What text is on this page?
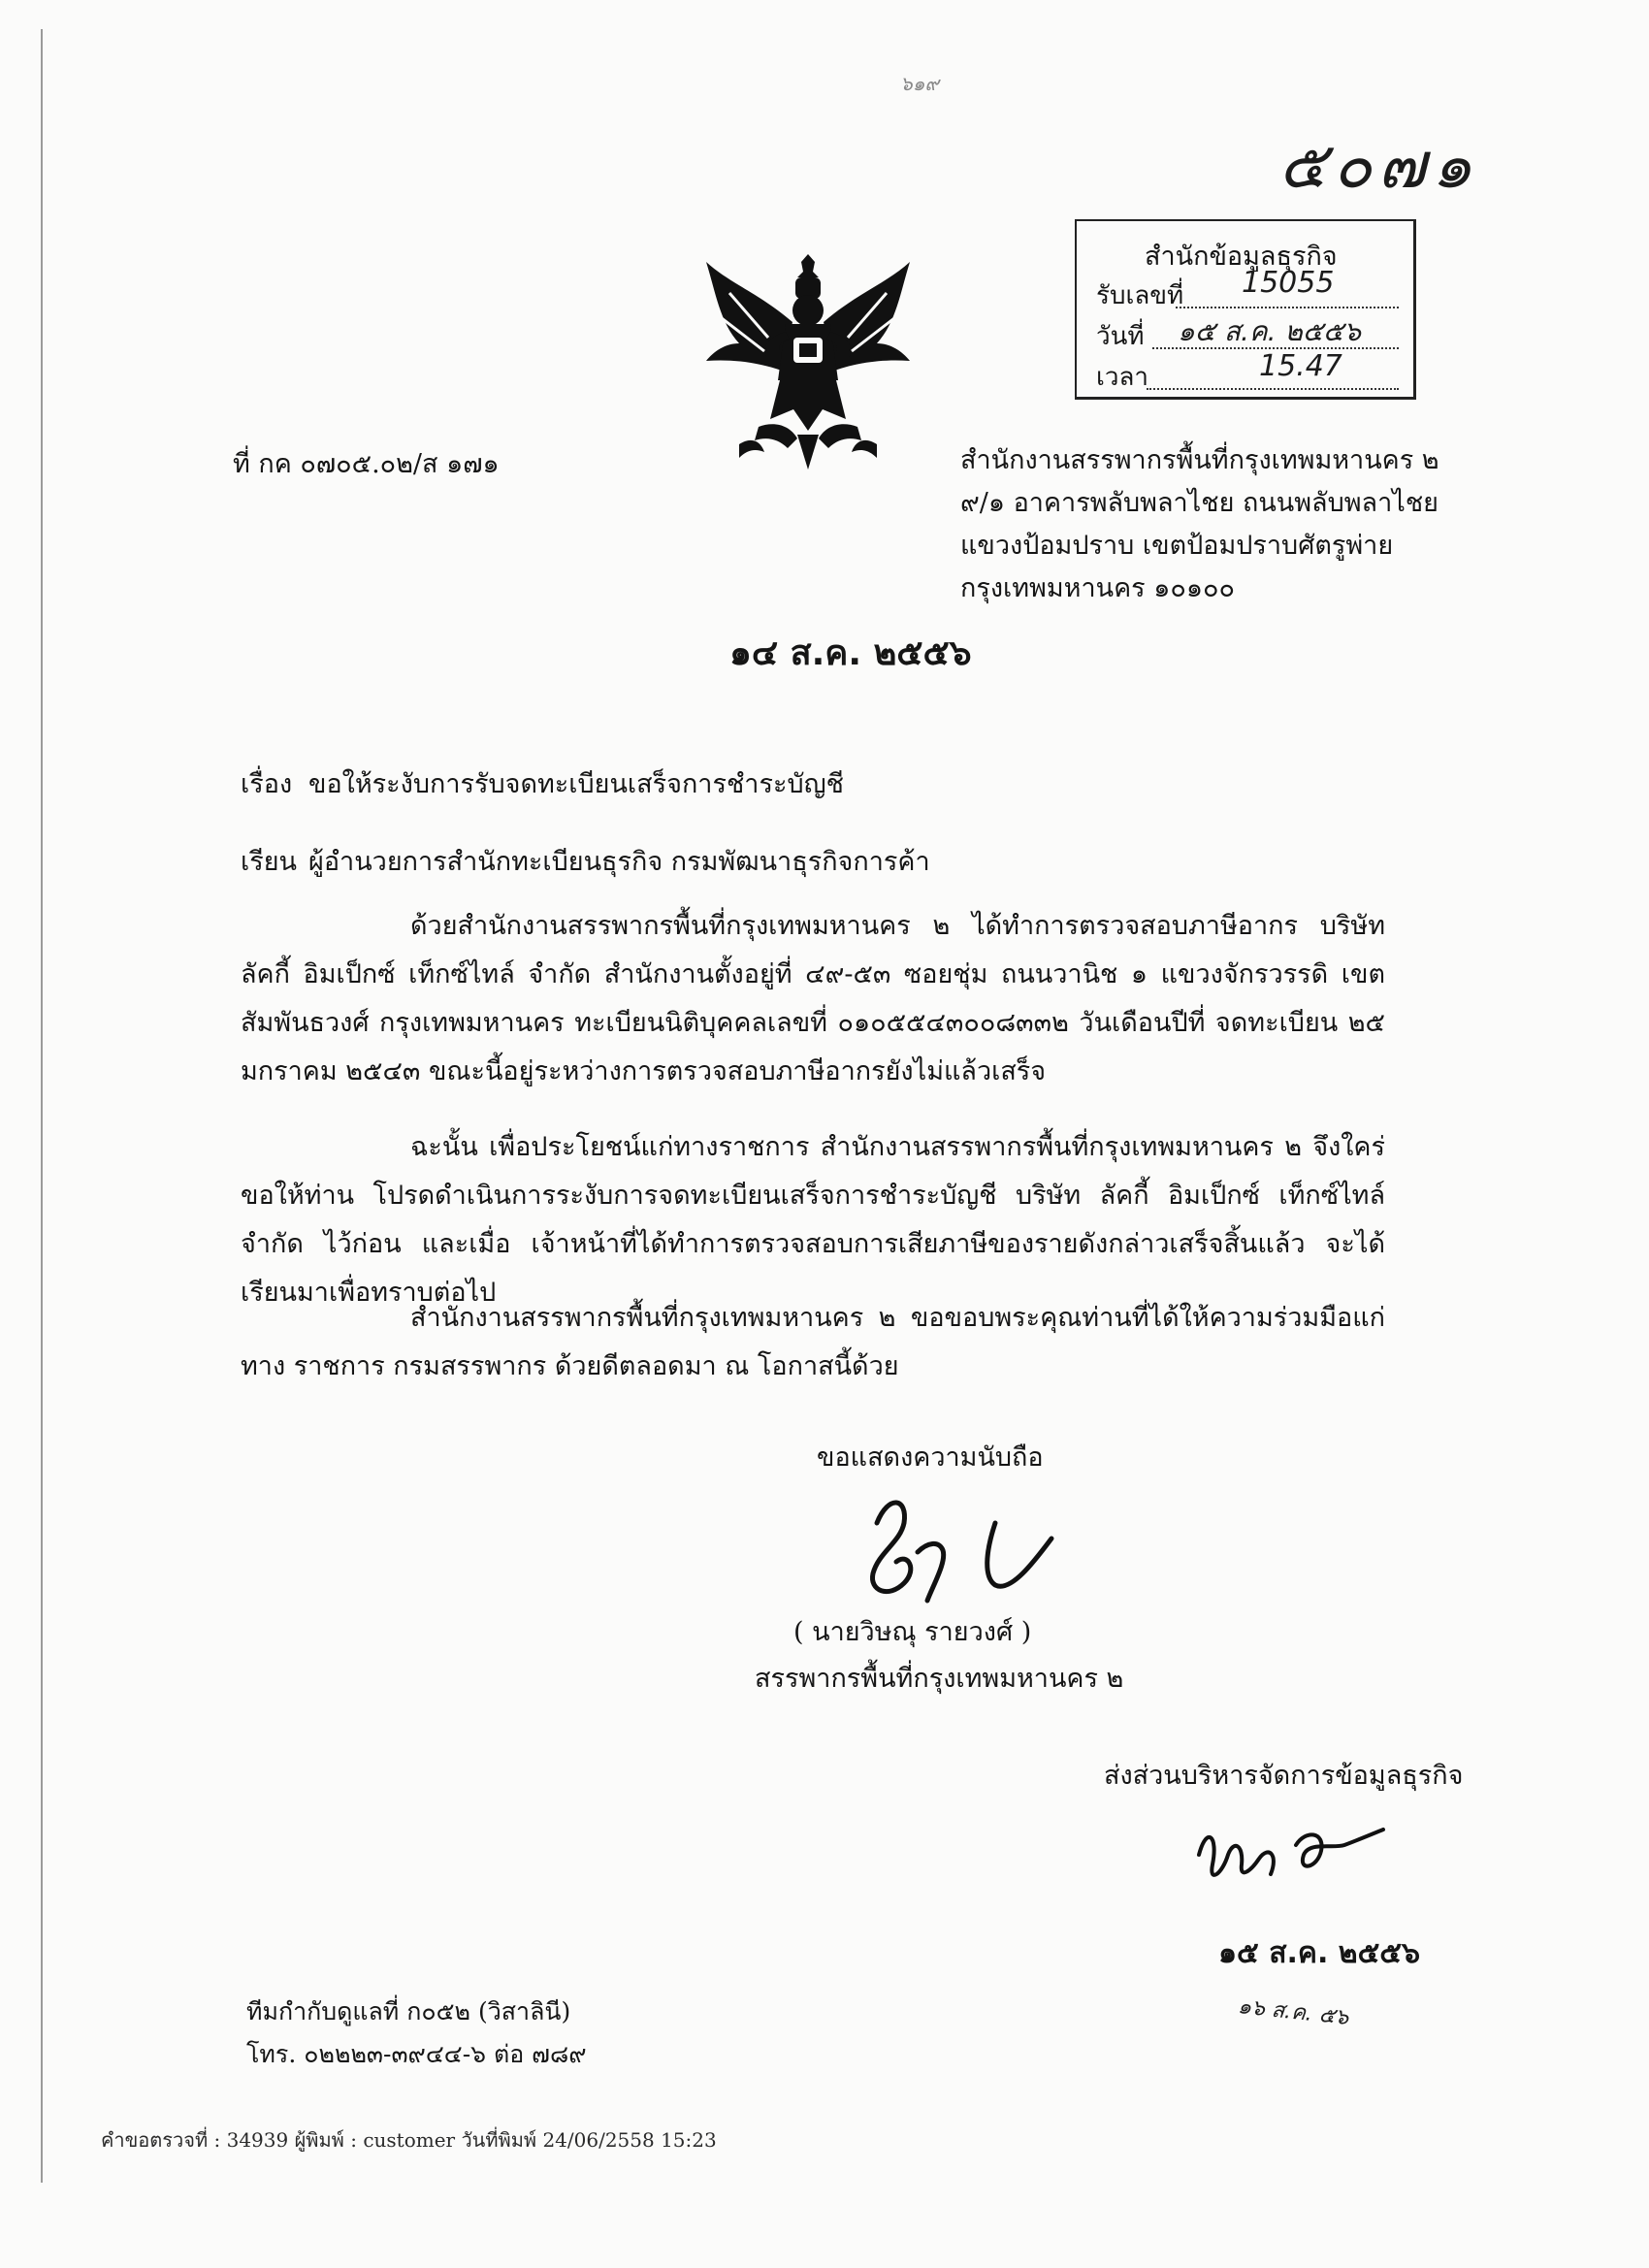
๖๑๙
๕๐๗๑
สำนักข้อมูลธุรกิจ
รับเลขที่ 15055
วันที่ ๑๕ ส.ค. ๒๕๕๖
เวลา	15.47
ที่ กค ๐๗๐๕.๐๒/ส ๑๗๑	สำนักงานสรรพากรพื้นที่กรุงเทพมหานคร ๒
๙/๑ อาคารพลับพลาไชย ถนนพลับพลาไชย
แขวงป้อมปราบ เขตป้อมปราบศัตรูพ่าย
กรุงเทพมหานคร ๑๐๑๐๐
๑๔ ส.ค. ๒๕๕๖
เรื่อง ขอให้ระงับการรับจดทะเบียนเสร็จการชำระบัญชี
เรียน ผู้อำนวยการสำนักทะเบียนธุรกิจ กรมพัฒนาธุรกิจการค้า
ด้วยสำนักงานสรรพากรพื้นที่กรุงเทพมหานคร ๒ ได้ทำการตรวจสอบภาษีอากร บริษัท ลัคกี้ อิมเป็กซ์ เท็กซ์ไทล์ จำกัด สำนักงานตั้งอยู่ที่ ๔๙-๕๓ ซอยชุ่ม ถนนวานิช ๑ แขวงจักรวรรดิ เขตสัมพันธวงศ์ กรุงเทพมหานคร ทะเบียนนิติบุคคลเลขที่ ๐๑๐๕๕๔๓๐๐๘๓๓๒ วันเดือนปีที่ จดทะเบียน ๒๕ มกราคม ๒๕๔๓ ขณะนี้อยู่ระหว่างการตรวจสอบภาษีอากรยังไม่แล้วเสร็จ
ฉะนั้น เพื่อประโยชน์แก่ทางราชการ สำนักงานสรรพากรพื้นที่กรุงเทพมหานคร ๒ จึงใคร่ขอให้ท่าน โปรดดำเนินการระงับการจดทะเบียนเสร็จการชำระบัญชี บริษัท ลัคกี้ อิมเป็กซ์ เท็กซ์ไทล์ จำกัด ไว้ก่อน และเมื่อ เจ้าหน้าที่ได้ทำการตรวจสอบการเสียภาษีของรายดังกล่าวเสร็จสิ้นแล้ว จะได้เรียนมาเพื่อทราบต่อไป
สำนักงานสรรพากรพื้นที่กรุงเทพมหานคร ๒ ขอขอบพระคุณท่านที่ได้ให้ความร่วมมือแก่ทาง ราชการ กรมสรรพากร ด้วยดีตลอดมา ณ โอกาสนี้ด้วย
ขอแสดงความนับถือ
( นายวิษณุ รายวงศ์ )
สรรพากรพื้นที่กรุงเทพมหานคร ๒
ส่งส่วนบริหารจัดการข้อมูลธุรกิจ
๑๕ ส.ค. ๒๕๕๖
๑๖ ส.ค. ๕๖
ทีมกำกับดูแลที่ ก๐๕๒ (วิสาลินี)
โทร. ๐๒๒๒๓-๓๙๔๔-๖ ต่อ ๗๘๙
คำขอตรวจที่ : 34939 ผู้พิมพ์ : customer วันที่พิมพ์ 24/06/2558 15:23
